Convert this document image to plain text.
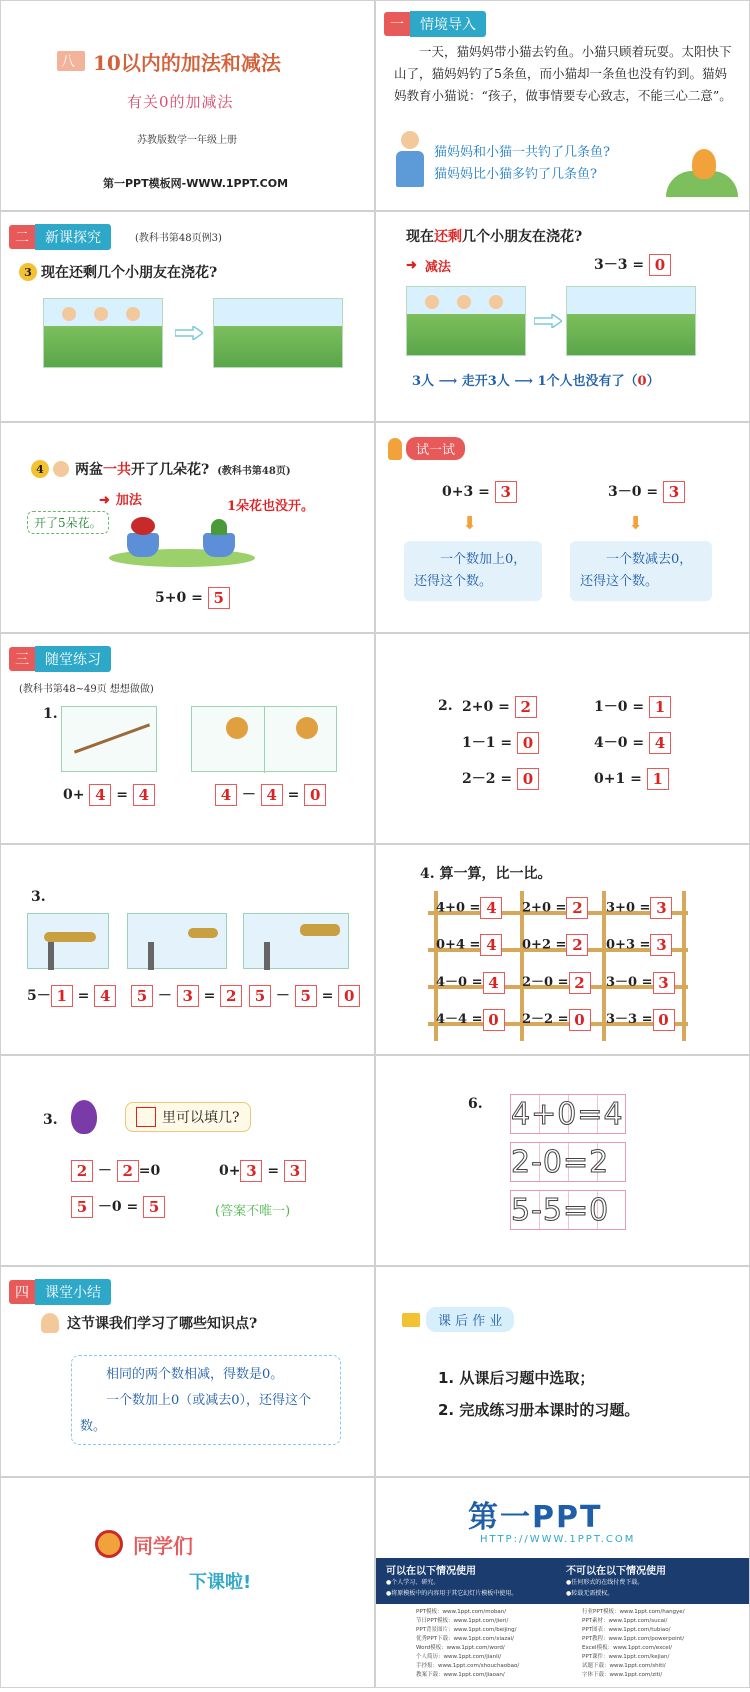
八 10以内的加法和减法
有关0的加减法
苏教版数学一年级上册
第一PPT模板网-WWW.1PPT.COM
一	情境导入
一天，猫妈妈带小猫去钓鱼。小猫只顾着玩耍。太阳快下山了，猫妈妈钓了5条鱼，而小猫却一条鱼也没有钓到。猫妈妈教育小猫说：“孩子，做事情要专心致志，不能三心二意”。
猫妈妈和小猫一共钓了几条鱼?
猫妈妈比小猫多钓了几条鱼?
二	新课探究	(教科书第48页例3)
3 现在还剩几个小朋友在浇花?
现在还剩几个小朋友在浇花?
➜ 减法	3－3 = 0
3人 ⟶ 走开3人 ⟶ 1个人也没有了（0）
4	两盆 一共 开了几朵花? (教科书第48页)
➜ 加法	1朵花也没开。
开了5朵花。
5+0 = 5
试一试
0+3 = 3	3－0 = 3
⬇	⬇
一个数加上0，还得这个数。
一个数减去0，还得这个数。
三	随堂练习
(教科书第48~49页 想想做做)
1.
0+ 4 = 4	4 － 4 = 0
2. 2+0 = 2	1－0 = 1
1－1 = 0	4－0 = 4
2－2 = 0	0+1 = 1
3.
5－ 1 = 4	5 － 3 = 2	5 － 5 = 0
4. 算一算，比一比。
4+0 = 4	2+0 = 2	3+0 = 3
0+4 = 4	0+2 = 2	0+3 = 3
4－0 = 4	2－0 = 2	3－0 = 3
4－4 = 0	2－2 = 0	3－3 = 0
3.	里可以填几?
2 － 2 =0	0+ 3 = 3
5 －0 = 5	(答案不唯一)
6. 4+0=4
2-0=2
5-5=0
四	课堂小结
这节课我们学习了哪些知识点?
相同的两个数相减，得数是0。
一个数加上0（或减去0），还得这个数。
课 后 作 业
1. 从课后习题中选取；
2. 完成练习册本课时的习题。
同学们
下课啦!
第一PPT
HTTP://WWW.1PPT.COM
可以在以下情况使用
●个人学习、研究。
●将原模板中的内容用于其它幻灯片模板中使用。
不可以在以下情况使用
●任何形式的在线付费下载。
●转载无需授权。
PPT模板：www.1ppt.com/moban/
节日PPT模板：www.1ppt.com/jieri/
PPT背景图片：www.1ppt.com/beijing/
优秀PPT下载：www.1ppt.com/xiazai/
Word模板：www.1ppt.com/word/
个人简历：www.1ppt.com/jianli/
手抄报：www.1ppt.com/shouchaobao/
教案下载：www.1ppt.com/jiaoan/
行业PPT模板：www.1ppt.com/hangye/
PPT素材：www.1ppt.com/sucai/
PPT图表：www.1ppt.com/tubiao/
PPT教程：www.1ppt.com/powerpoint/
Excel模板：www.1ppt.com/excel/
PPT课件：www.1ppt.com/kejian/
试题下载：www.1ppt.com/shiti/
字体下载：www.1ppt.com/ziti/
